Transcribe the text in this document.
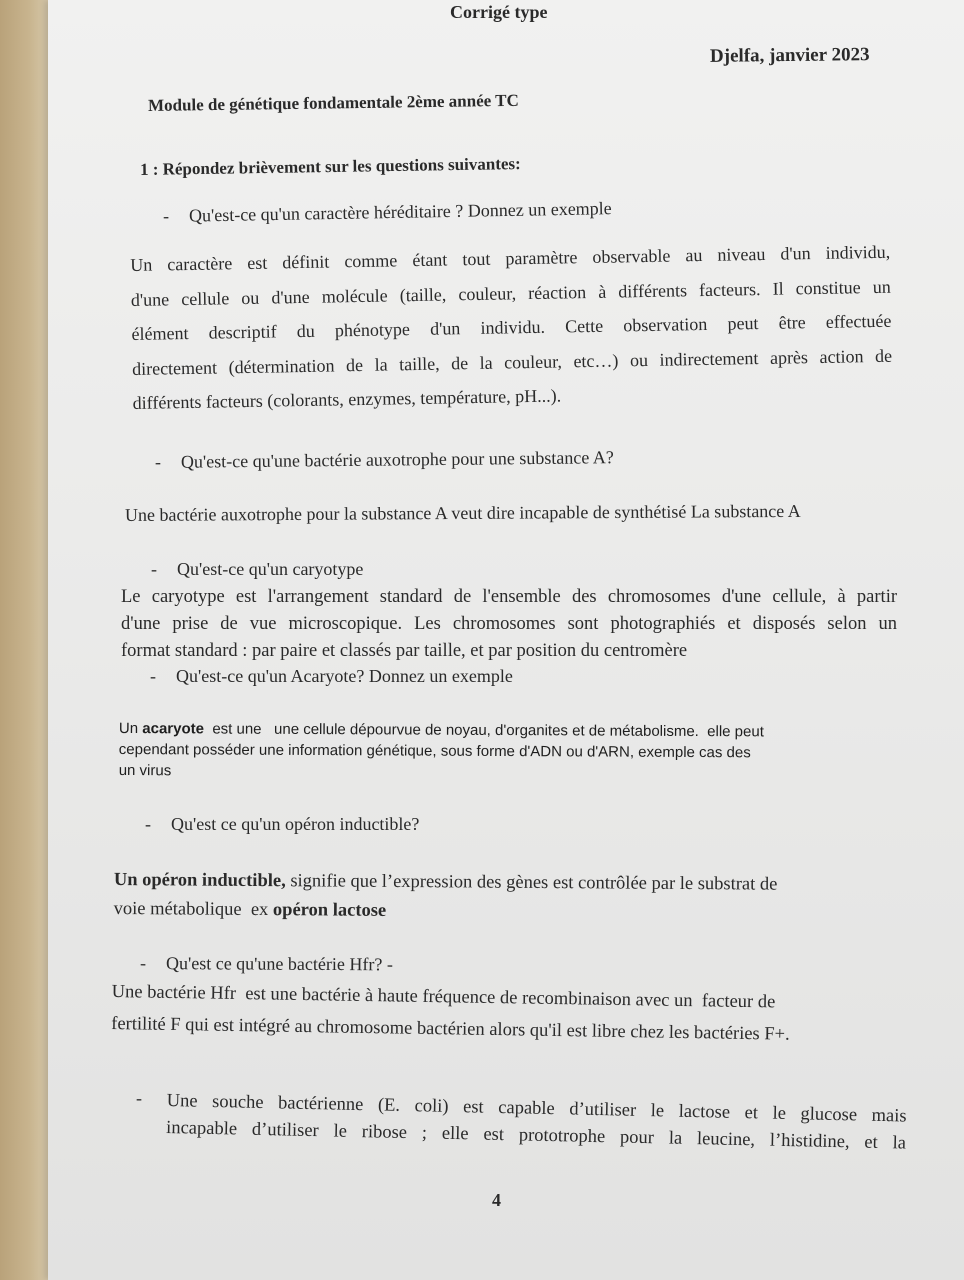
Corrigé type
Djelfa, janvier 2023
Module de génétique fondamentale 2ème année TC
1 : Répondez brièvement sur les questions suivantes:
- Qu'est-ce qu'un caractère héréditaire ? Donnez un exemple
Un caractère est définit comme étant tout paramètre observable au niveau d'un individu,
d'une cellule ou d'une molécule (taille, couleur, réaction à différents facteurs. Il constitue un
élément descriptif du phénotype d'un individu. Cette observation peut être effectuée
directement (détermination de la taille, de la couleur, etc…) ou indirectement après action de
différents facteurs (colorants, enzymes, température, pH...).
- Qu'est-ce qu'une bactérie auxotrophe pour une substance A?
Une bactérie auxotrophe pour la substance A veut dire incapable de synthétisé La substance A
- Qu'est-ce qu'un caryotype
Le caryotype est l'arrangement standard de l'ensemble des chromosomes d'une cellule, à partir
d'une prise de vue microscopique. Les chromosomes sont photographiés et disposés selon un
format standard : par paire et classés par taille, et par position du centromère
- Qu'est-ce qu'un Acaryote? Donnez un exemple
Un acaryote  est une   une cellule dépourvue de noyau, d'organites et de métabolisme.  elle peut
cependant posséder une information génétique, sous forme d'ADN ou d'ARN, exemple cas des
un virus
- Qu'est ce qu'un opéron inductible?
Un opéron inductible, signifie que l’expression des gènes est contrôlée par le substrat de
voie métabolique  ex opéron lactose
- Qu'est ce qu'une bactérie Hfr? -
Une bactérie Hfr  est une bactérie à haute fréquence de recombinaison avec un  facteur de
fertilité F qui est intégré au chromosome bactérien alors qu'il est libre chez les bactéries F+.
- Une souche bactérienne (E. coli) est capable d’utiliser le lactose et le glucose mais
incapable d’utiliser le ribose ; elle est prototrophe pour la leucine, l’histidine, et la
4
